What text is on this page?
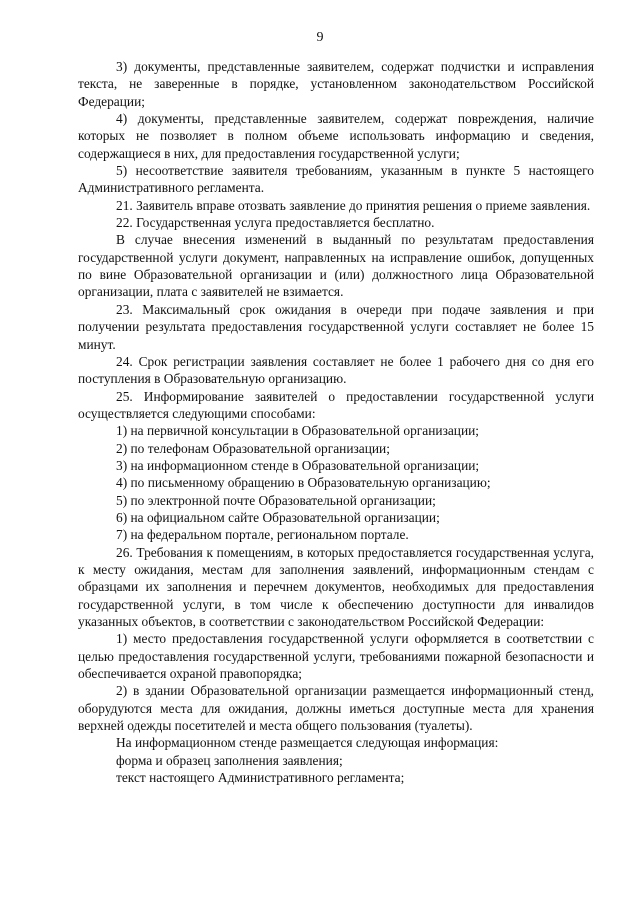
9

3) документы, представленные заявителем, содержат подчистки и исправления текста, не заверенные в порядке, установленном законодательством Российской Федерации;

4) документы, представленные заявителем, содержат повреждения, наличие которых не позволяет в полном объеме использовать информацию и сведения, содержащиеся в них, для предоставления государственной услуги;

5) несоответствие заявителя требованиям, указанным в пункте 5 настоящего Административного регламента.

21. Заявитель вправе отозвать заявление до принятия решения о приеме заявления.

22. Государственная услуга предоставляется бесплатно.

В случае внесения изменений в выданный по результатам предоставления государственной услуги документ, направленных на исправление ошибок, допущенных по вине Образовательной организации и (или) должностного лица Образовательной организации, плата с заявителей не взимается.

23. Максимальный срок ожидания в очереди при подаче заявления и при получении результата предоставления государственной услуги составляет не более 15 минут.

24. Срок регистрации заявления составляет не более 1 рабочего дня со дня его поступления в Образовательную организацию.

25. Информирование заявителей о предоставлении государственной услуги осуществляется следующими способами:

1) на первичной консультации в Образовательной организации;

2) по телефонам Образовательной организации;

3) на информационном стенде в Образовательной организации;

4) по письменному обращению в Образовательную организацию;

5) по электронной почте Образовательной организации;

6) на официальном сайте Образовательной организации;

7) на федеральном портале, региональном портале.

26. Требования к помещениям, в которых предоставляется государственная услуга, к месту ожидания, местам для заполнения заявлений, информационным стендам с образцами их заполнения и перечнем документов, необходимых для предоставления государственной услуги, в том числе к обеспечению доступности для инвалидов указанных объектов, в соответствии с законодательством Российской Федерации:

1) место предоставления государственной услуги оформляется в соответствии с целью предоставления государственной услуги, требованиями пожарной безопасности и обеспечивается охраной правопорядка;

2) в здании Образовательной организации размещается информационный стенд, оборудуются места для ожидания, должны иметься доступные места для хранения верхней одежды посетителей и места общего пользования (туалеты).

На информационном стенде размещается следующая информация:

форма и образец заполнения заявления;

текст настоящего Административного регламента;
